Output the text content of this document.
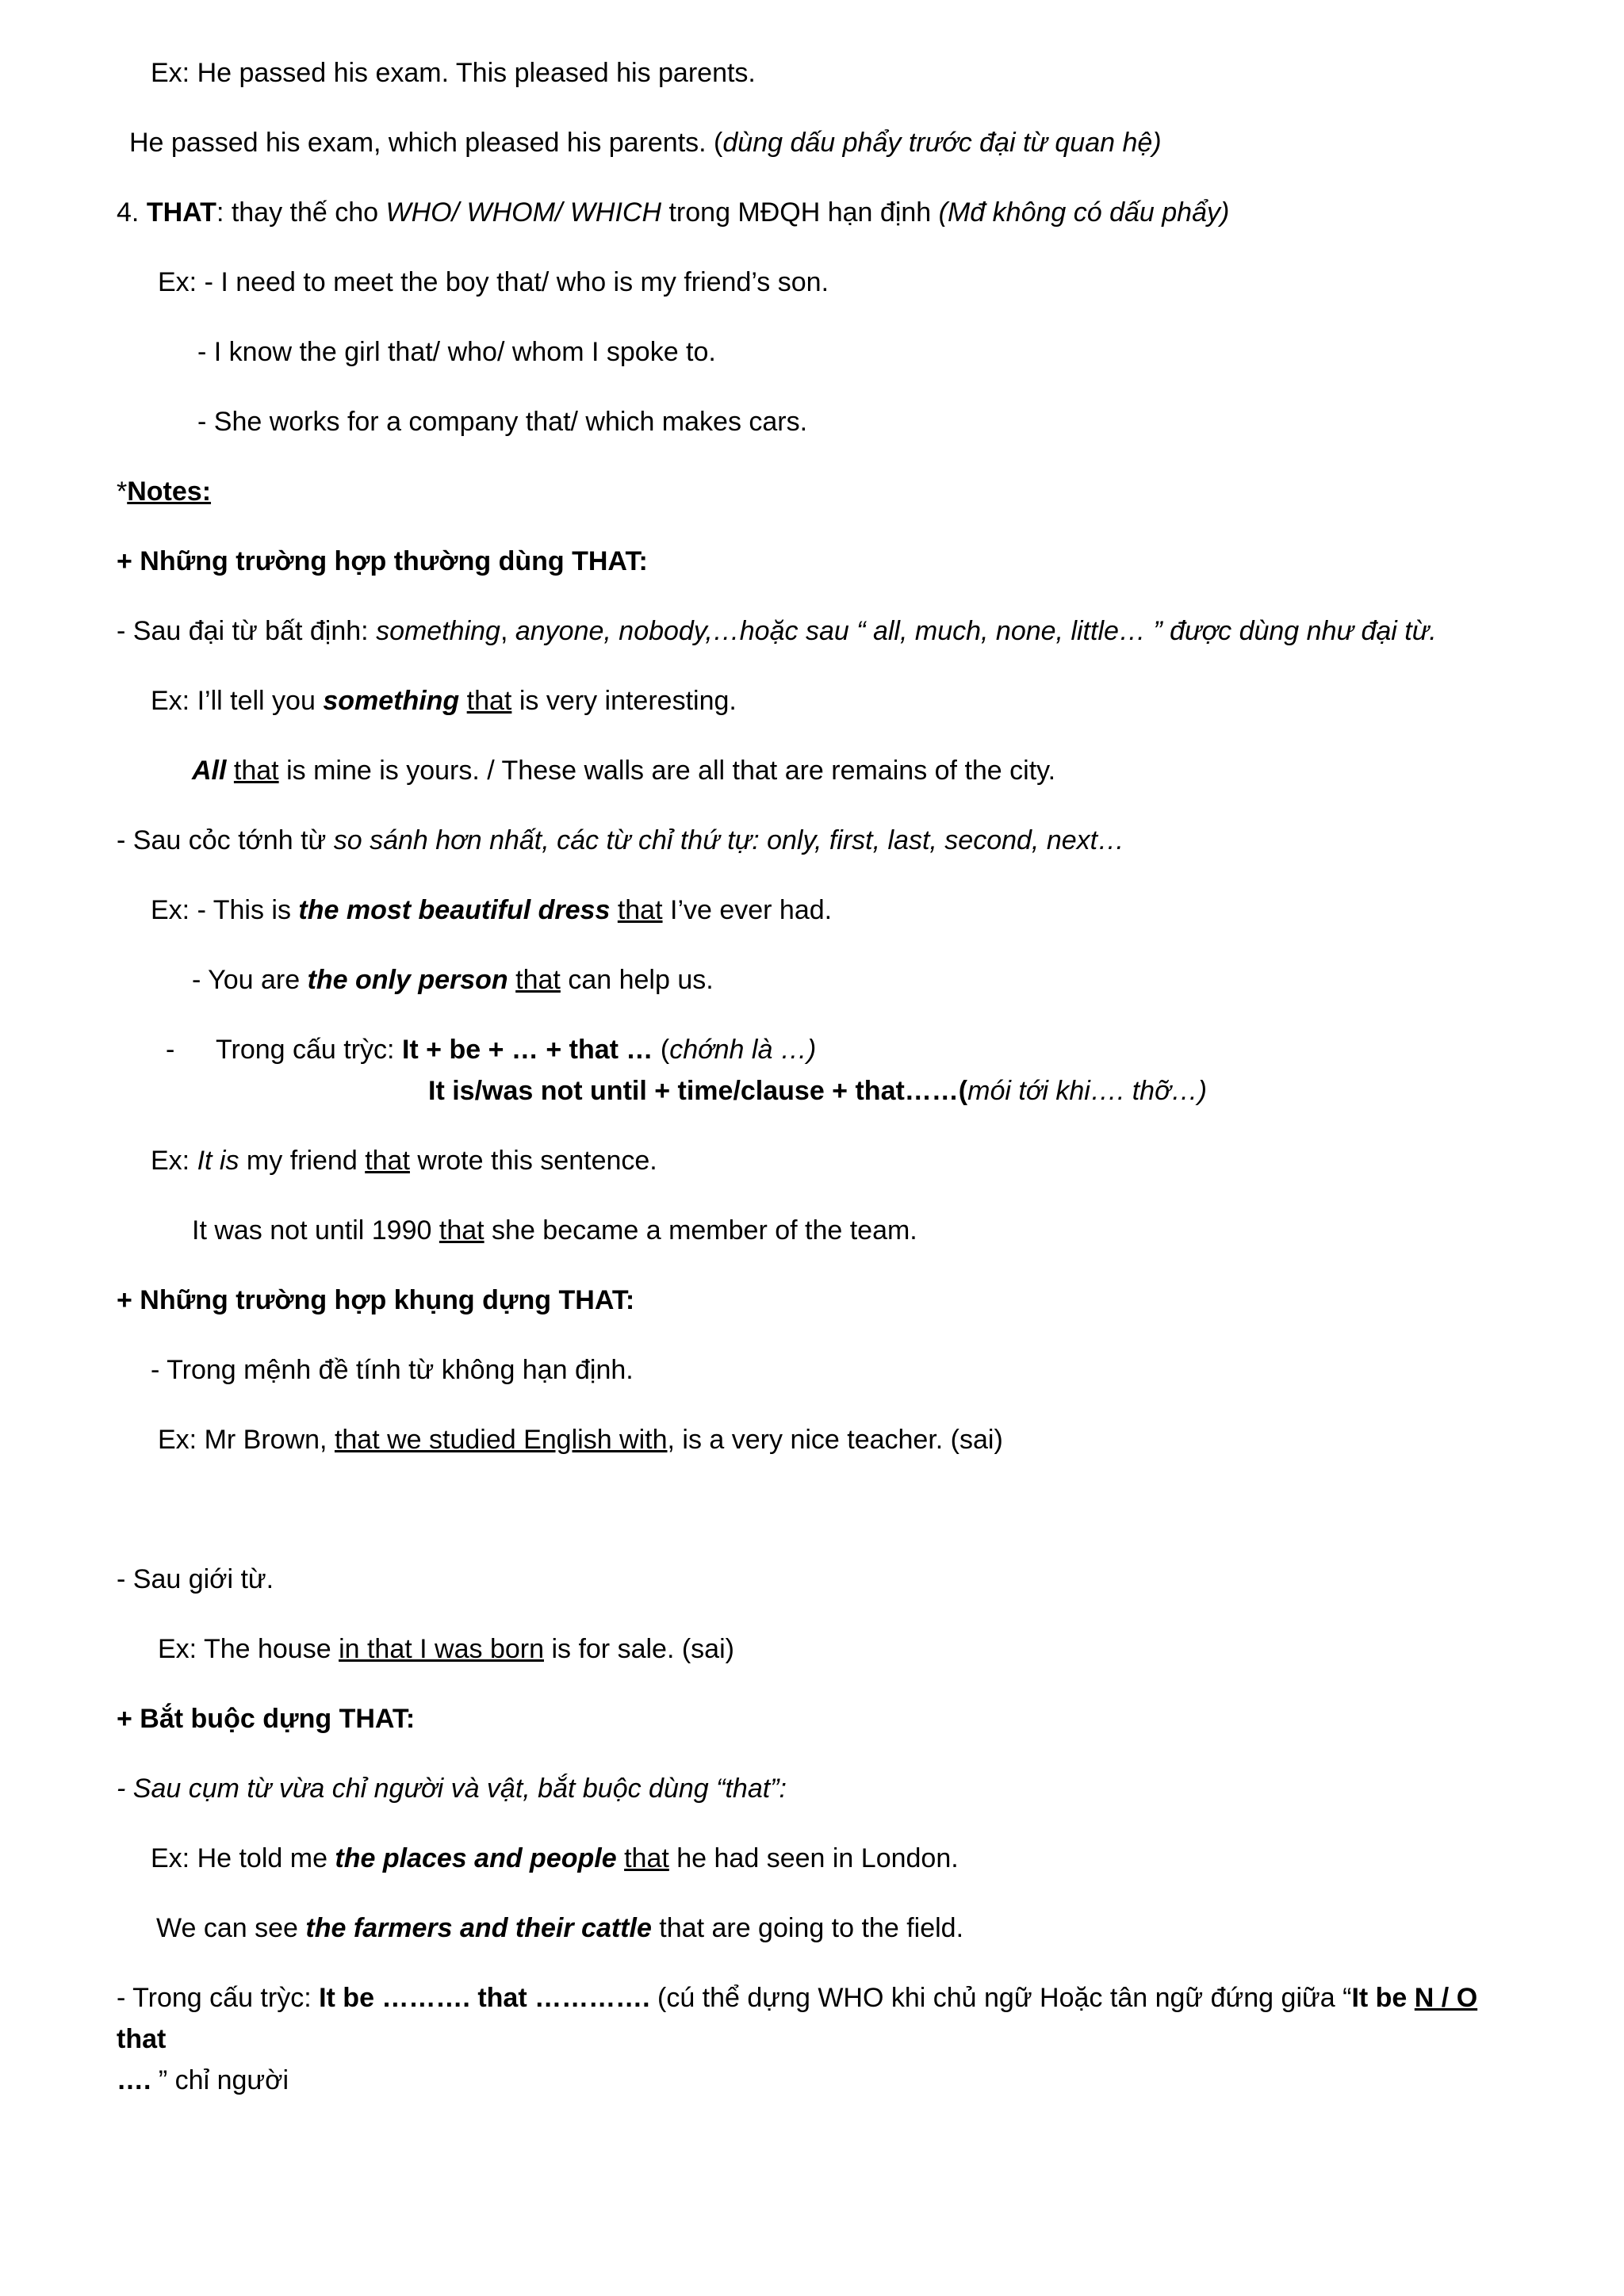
Ex: He passed his exam. This pleased his parents.
He passed his exam, which pleased his parents. (dùng dấu phẩy trước đại từ quan hệ)
4. THAT: thay thế cho WHO/ WHOM/ WHICH trong MĐQH hạn định (Mđ không có dấu phẩy)
Ex: - I need to meet the boy that/ who is my friend’s son.
- I know the girl that/ who/ whom I spoke to.
- She works for a company that/ which makes cars.
*Notes:
+ Những trường hợp thường dùng THAT:
- Sau đại từ bất định: something, anyone, nobody,…hoặc sau “ all, much, none, little… ” được dùng như đại từ.
Ex: I’ll tell you something that is very interesting.
All that is mine is yours. / These walls are all that are remains of the city.
- Sau cỏc tớnh từ so sánh hơn nhất, các từ chỉ thứ tự: only, first, last, second, next…
Ex: - This is the most beautiful dress that I’ve ever had.
- You are the only person that can help us.
- Trong cấu trỳc: It + be + … + that … (chớnh là …)
It is/was not until + time/clause + that……(mói tới khi…. thỡ…)
Ex: It is my friend that wrote this sentence.
It was not until 1990 that she became a member of the team.
+ Những trường hợp khụng dựng THAT:
- Trong mệnh đề tính từ không hạn định.
Ex: Mr Brown, that we studied English with, is a very nice teacher. (sai)
- Sau giới từ.
Ex: The house in that I was born is for sale. (sai)
+ Bắt buộc dựng THAT:
- Sau cụm từ vừa chỉ người và vật, bắt buộc dùng “that”:
Ex: He told me the places and people that he had seen in London.
We can see the farmers and their cattle that are going to the field.
- Trong cấu trỳc: It be ………. that …………. (cú thể dựng WHO khi chủ ngữ Hoặc tân ngữ đứng giữa “It be N / O that
…. ” chỉ người
